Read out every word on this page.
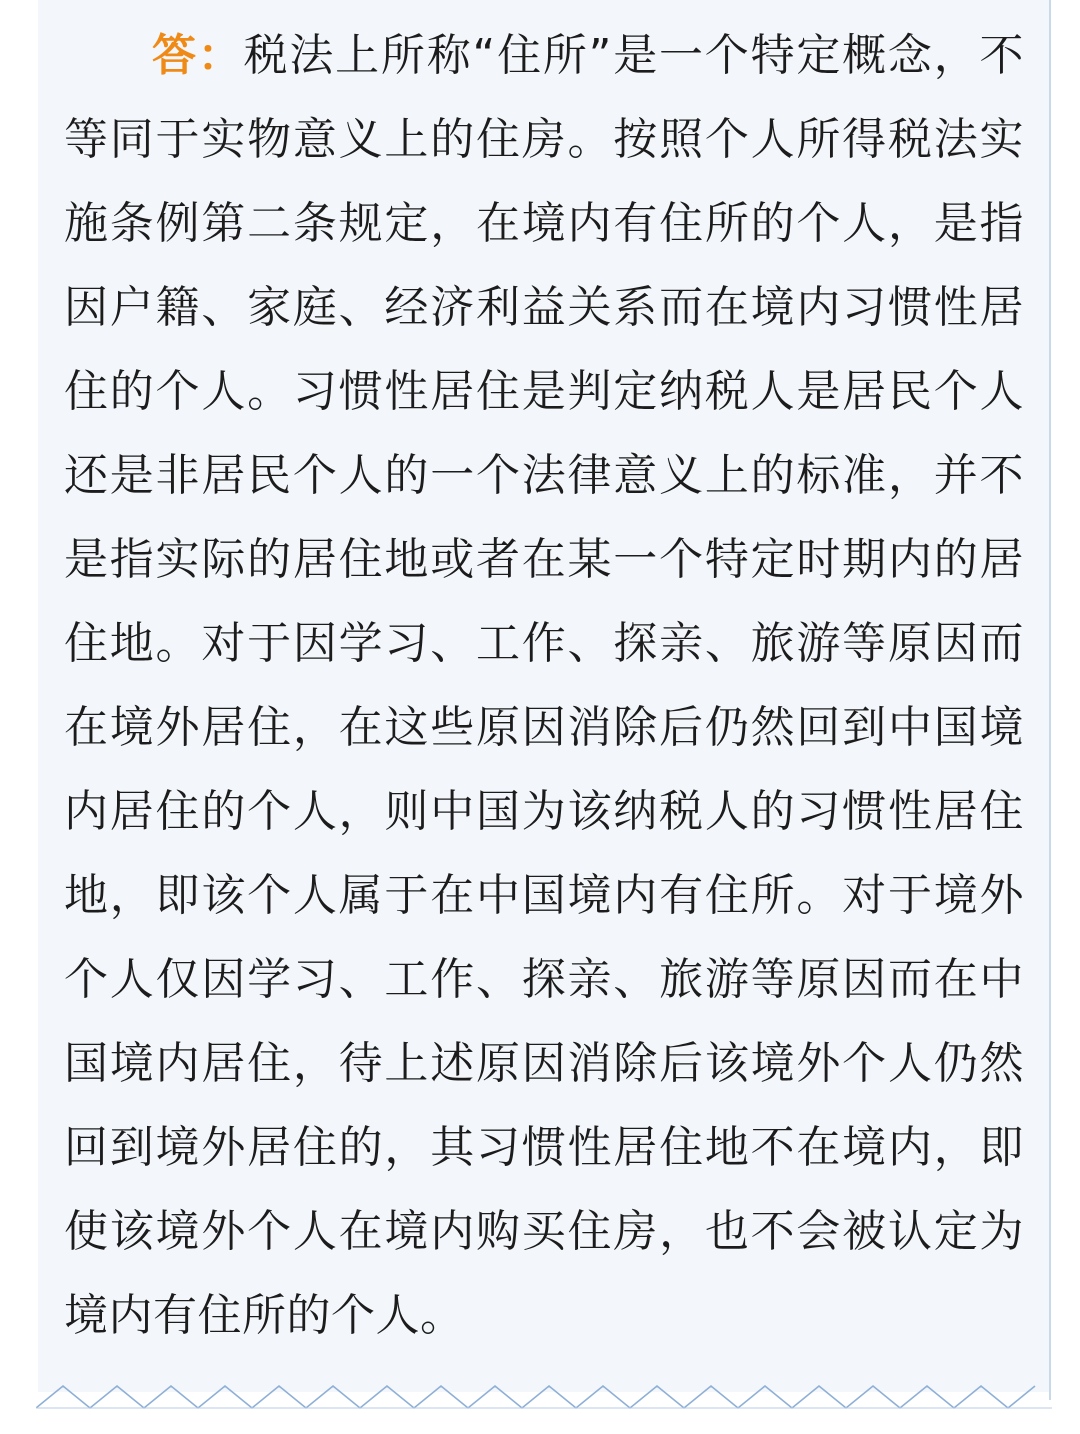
答：税法上所称“住所”是一个特定概念，不等同于实物意义上的住房。按照个人所得税法实施条例第二条规定，在境内有住所的个人，是指因户籍、家庭、经济利益关系而在境内习惯性居住的个人。习惯性居住是判定纳税人是居民个人还是非居民个人的一个法律意义上的标准，并不是指实际的居住地或者在某一个特定时期内的居住地。对于因学习、工作、探亲、旅游等原因而在境外居住，在这些原因消除后仍然回到中国境内居住的个人，则中国为该纳税人的习惯性居住地，即该个人属于在中国境内有住所。对于境外个人仅因学习、工作、探亲、旅游等原因而在中国境内居住，待上述原因消除后该境外个人仍然回到境外居住的，其习惯性居住地不在境内，即使该境外个人在境内购买住房，也不会被认定为境内有住所的个人。
